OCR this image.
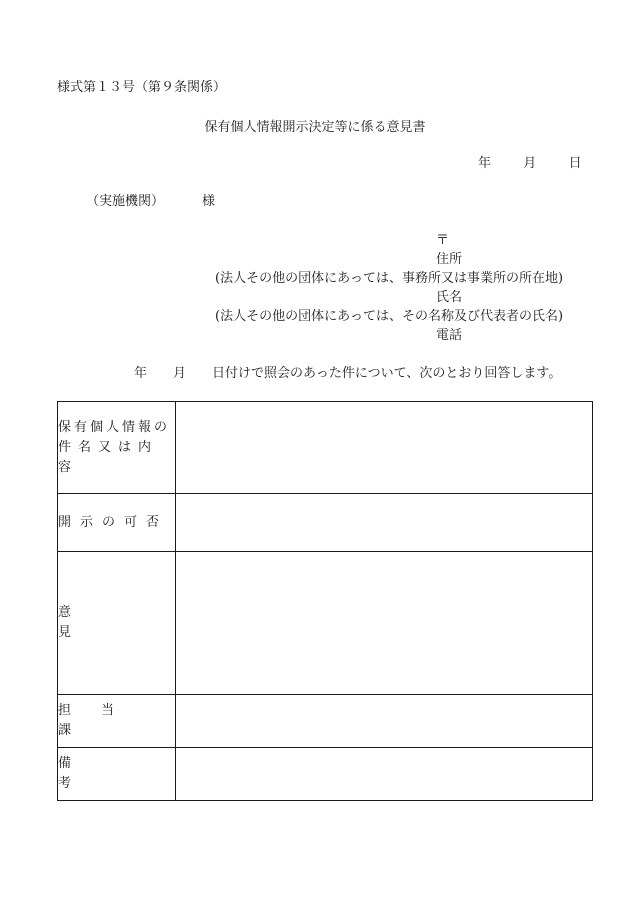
様式第１３号（第９条関係）
保有個人情報開示決定等に係る意見書
年 月 日
（実施機関）	様
〒
住所
(法人その他の団体にあっては、事務所又は事業所の所在地)
氏名
(法人その他の団体にあっては、その名称及び代表者の氏名)
電話
年 月 日付けで照会のあった件について、次のとおり回答します。
保有個人情報の
件名又は内容	

開示の可否	
意見	
担当課	
備考	
